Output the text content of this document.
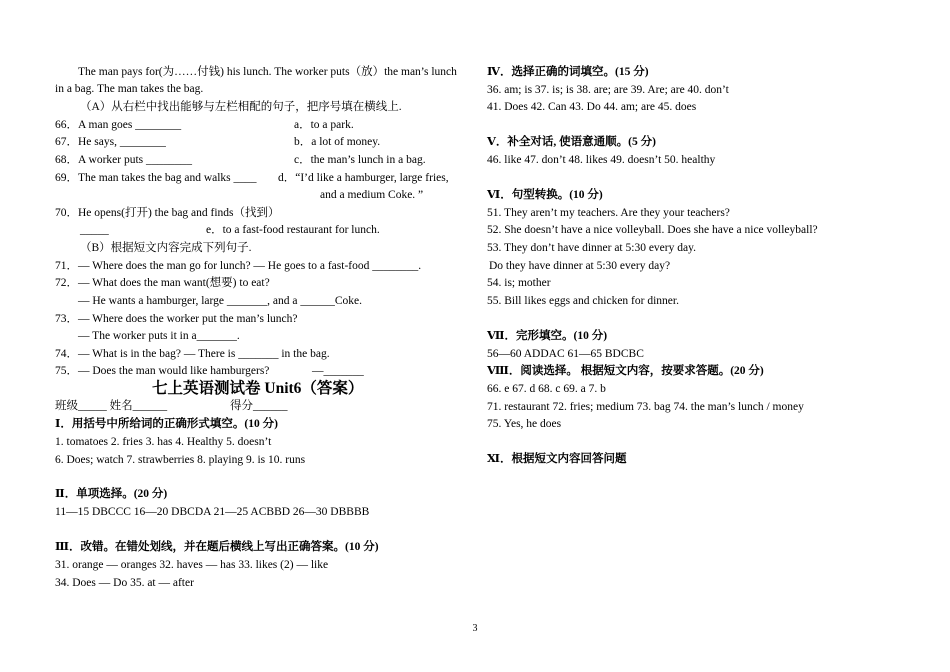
The man pays for(为……付钱) his lunch. The worker puts（放）the man’s lunch
in a bag. The man takes the bag.
（A）从右栏中找出能够与左栏相配的句子，把序号填在横线上.
66．A man goes ________	a．to a park.
67．He says, ________	b．a lot of money.
68．A worker puts ________	c．the man’s lunch in a bag.
69．The man takes the bag and walks ____ d．“I’d like a hamburger, large fries,
and a medium Coke. ”
70．He opens(打开) the bag and finds（找到）
_____	e．to a fast-food restaurant for lunch.
（B）根据短文内容完成下列句子.
71．— Where does the man go for lunch? — He goes to a fast-food ________.
72．— What does the man want(想要) to eat?
— He wants a hamburger, large _______, and a ______Coke.
73．— Where does the worker put the man’s lunch?
— The worker puts it in a_______.
74．— What is in the bag? — There is _______ in the bag.
75．— Does the man would like hamburgers?	—_______
七上英语测试卷 Unit6（答案）
班级_____ 姓名______	得分______
Ⅰ．用括号中所给词的正确形式填空。(10 分)
1. tomatoes 2. fries 3. has 4. Healthy 5. doesn’t
6. Does; watch 7. strawberries 8. playing 9. is 10. runs
Ⅱ．单项选择。(20 分)
11—15 DBCCC 16—20 DBCDA 21—25 ACBBD 26—30 DBBBB
Ⅲ．改错。在错处划线，并在题后横线上写出正确答案。(10 分)
31. orange — oranges 32. haves — has 33. likes (2) — like
34. Does — Do 35. at — after
Ⅳ．选择正确的词填空。(15 分)
36. am; is 37. is; is 38. are; are 39. Are; are 40. don’t
41. Does 42. Can 43. Do 44. am; are 45. does
Ⅴ．补全对话, 使语意通顺。(5 分)
46. like 47. don’t 48. likes 49. doesn’t 50. healthy
Ⅵ．句型转换。(10 分)
51. They aren’t my teachers. Are they your teachers?
52. She doesn’t have a nice volleyball. Does she have a nice volleyball?
53. They don’t have dinner at 5:30 every day.
Do they have dinner at 5:30 every day?
54. is; mother
55. Bill likes eggs and chicken for dinner.
Ⅶ．完形填空。(10 分)
56—60 ADDAC 61—65 BDCBC
Ⅷ．阅读选择。 根据短文内容，按要求答题。(20 分)
66. e 67. d 68. c 69. a 7. b
71. restaurant 72. fries; medium 73. bag 74. the man’s lunch / money
75. Yes, he does
Ⅺ．根据短文内容回答问题
3
